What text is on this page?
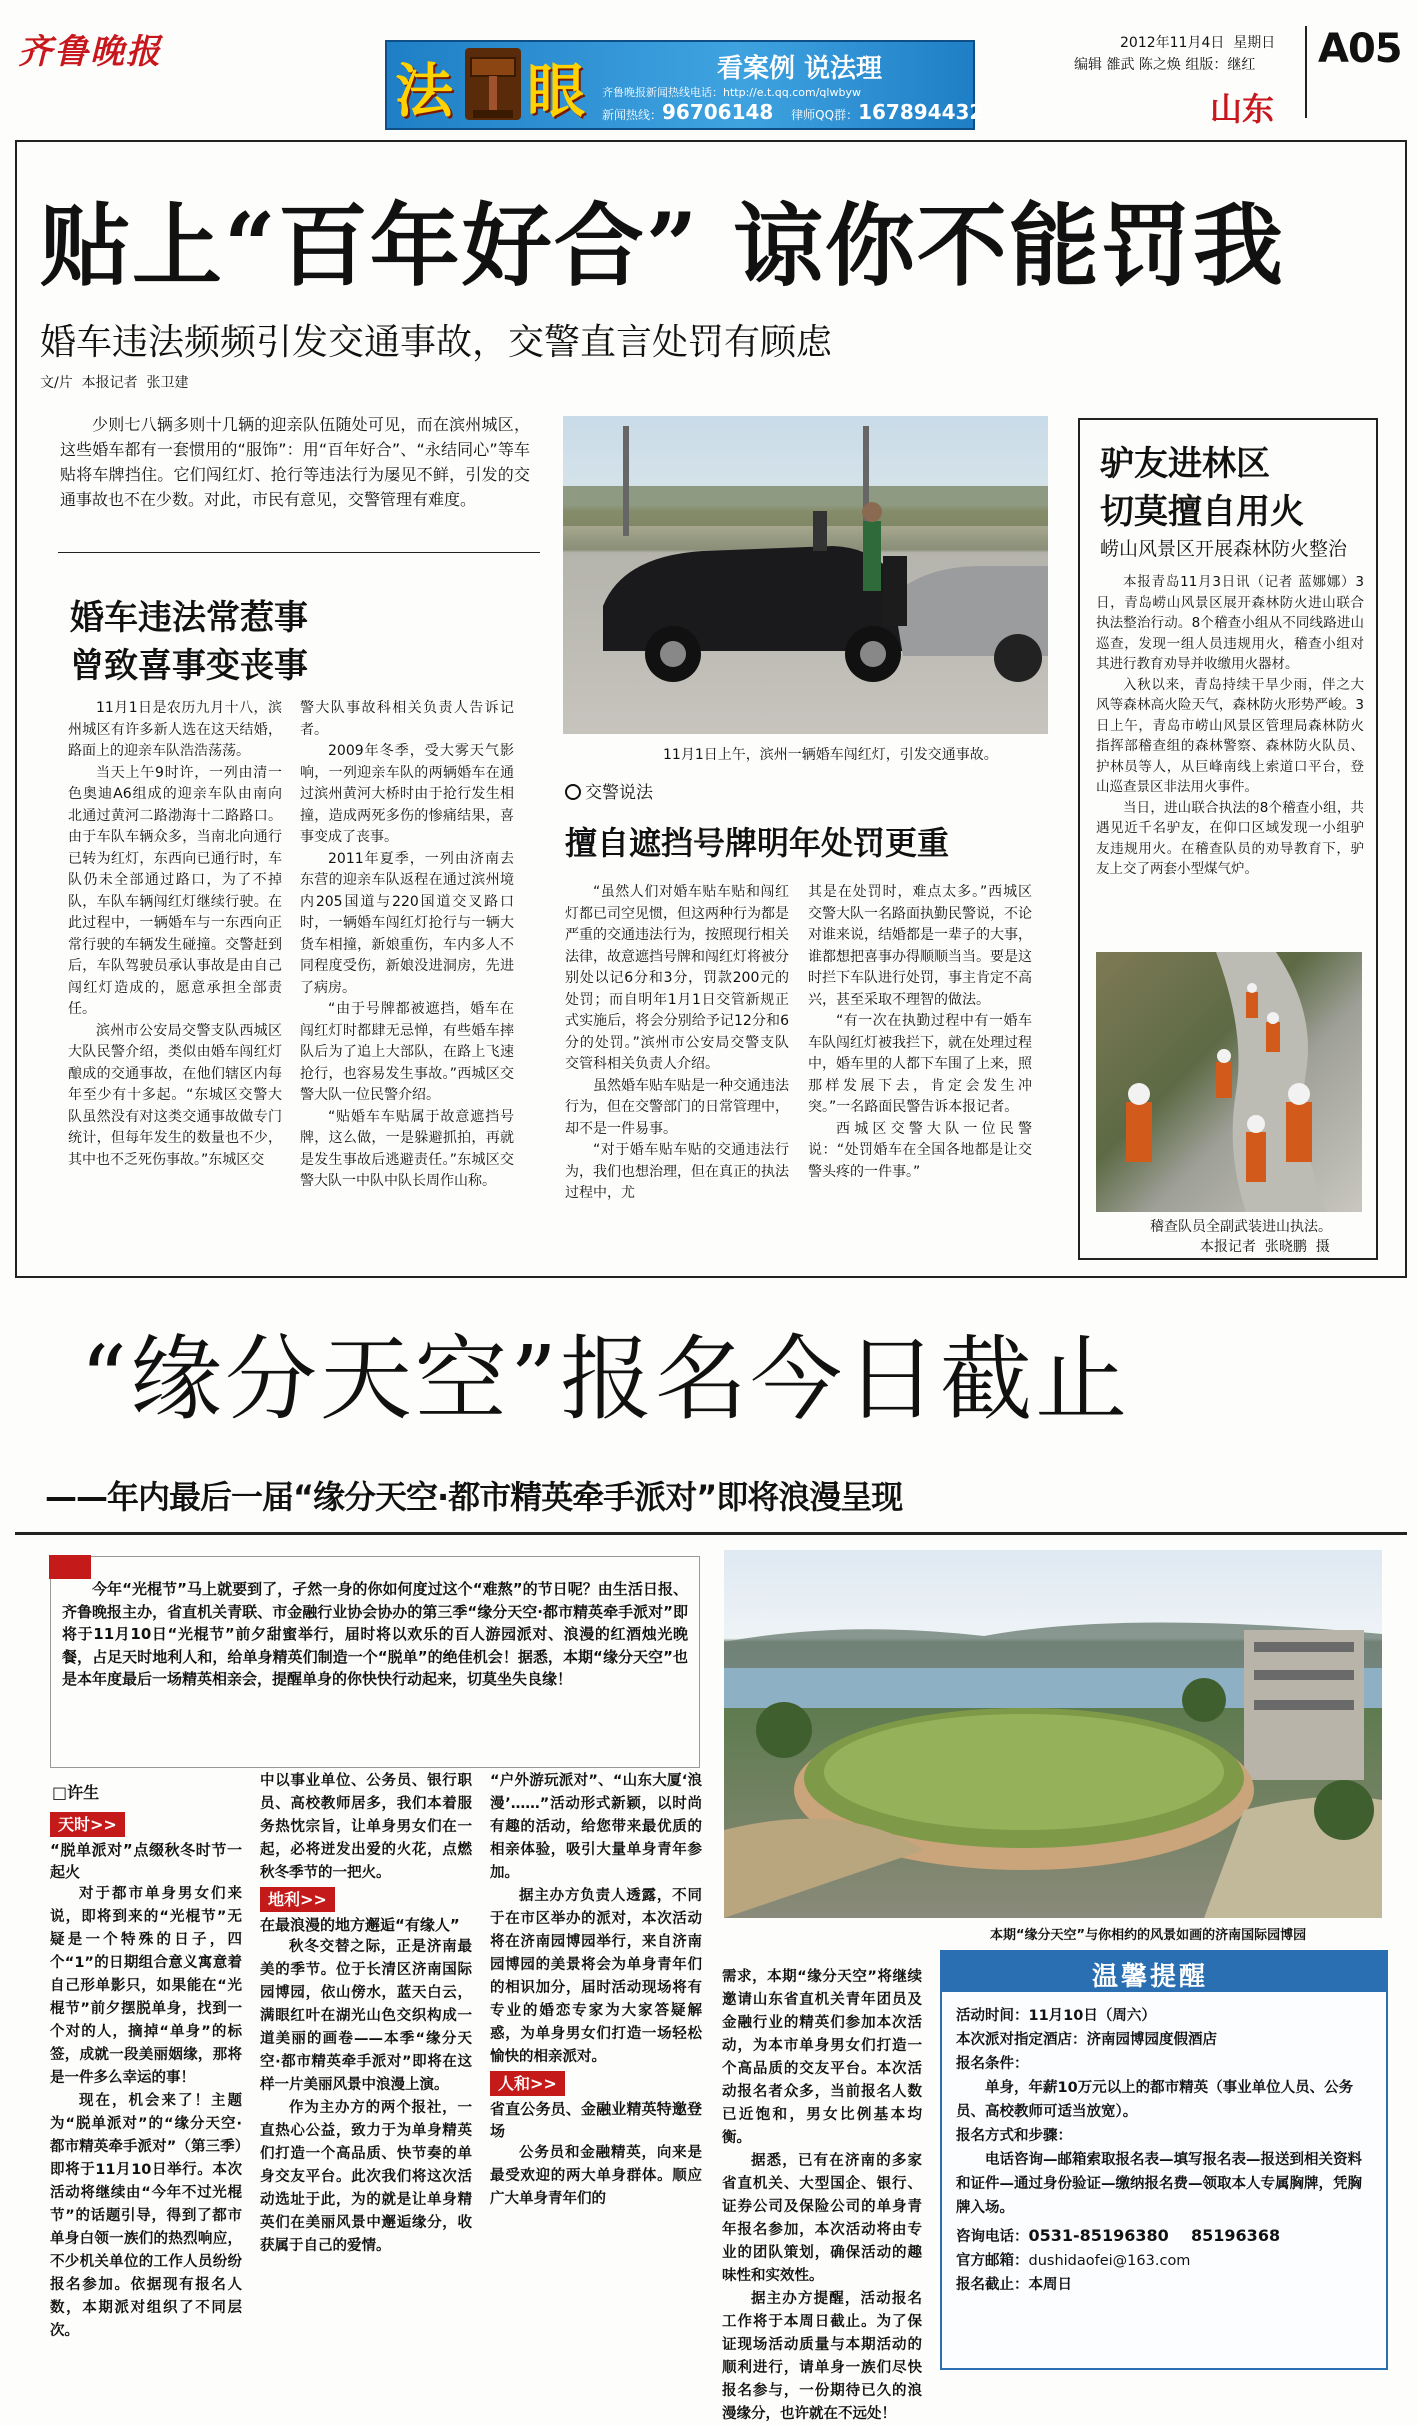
齐鲁晚报
法 眼	看案例 说法理
齐鲁晚报新闻热线电话：http://e.t.qq.com/qlwbyw
新闻热线：96706148 律师QQ群：167894432
2012年11月4日 星期日
编辑 雒武 陈之焕 组版：继红 A05
山东
贴上“百年好合” 谅你不能罚我
婚车违法频频引发交通事故，交警直言处罚有顾虑
文/片  本报记者  张卫建

少则七八辆多则十几辆的迎亲队伍随处可见，而在滨州城区，这些婚车都有一套惯用的“服饰”：用“百年好合”、“永结同心”等车贴将车牌挡住。它们闯红灯、抢行等违法行为屡见不鲜，引发的交通事故也不在少数。对此，市民有意见，交警管理有难度。

婚车违法常惹事
曾致喜事变丧事

11月1日是农历九月十八，滨州城区有许多新人选在这天结婚，路面上的迎亲车队浩浩荡荡。

当天上午9时许，一列由清一色奥迪A6组成的迎亲车队由南向北通过黄河二路渤海十二路路口。由于车队车辆众多，当南北向通行已转为红灯，东西向已通行时，车队仍未全部通过路口，为了不掉队，车队车辆闯红灯继续行驶。在此过程中，一辆婚车与一东西向正常行驶的车辆发生碰撞。交警赶到后，车队驾驶员承认事故是由自己闯红灯造成的，愿意承担全部责任。

滨州市公安局交警支队西城区大队民警介绍，类似由婚车闯红灯酿成的交通事故，在他们辖区内每年至少有十多起。“东城区交警大队虽然没有对这类交通事故做专门统计，但每年发生的数量也不少，其中也不乏死伤事故。”东城区交

警大队事故科相关负责人告诉记者。

2009年冬季，受大雾天气影响，一列迎亲车队的两辆婚车在通过滨州黄河大桥时由于抢行发生相撞，造成两死多伤的惨痛结果，喜事变成了丧事。

2011年夏季，一列由济南去东营的迎亲车队返程在通过滨州境内205国道与220国道交叉路口时，一辆婚车闯红灯抢行与一辆大货车相撞，新娘重伤，车内多人不同程度受伤，新娘没进洞房，先进了病房。

“由于号牌都被遮挡，婚车在闯红灯时都肆无忌惮，有些婚车摔队后为了追上大部队，在路上飞速抢行，也容易发生事故。”西城区交警大队一位民警介绍。

“贴婚车车贴属于故意遮挡号牌，这么做，一是躲避抓拍，再就是发生事故后逃避责任。”东城区交警大队一中队中队长周作山称。

11月1日上午，滨州一辆婚车闯红灯，引发交通事故。
交警说法
擅自遮挡号牌明年处罚更重

“虽然人们对婚车贴车贴和闯红灯都已司空见惯，但这两种行为都是严重的交通违法行为，按照现行相关法律，故意遮挡号牌和闯红灯将被分别处以记6分和3分，罚款200元的处罚；而自明年1月1日交管新规正式实施后，将会分别给予记12分和6分的处罚。”滨州市公安局交警支队交管科相关负责人介绍。

虽然婚车贴车贴是一种交通违法行为，但在交警部门的日常管理中，却不是一件易事。

“对于婚车贴车贴的交通违法行为，我们也想治理，但在真正的执法过程中，尤

其是在处罚时，难点太多。”西城区交警大队一名路面执勤民警说，不论对谁来说，结婚都是一辈子的大事，谁都想把喜事办得顺顺当当。要是这时拦下车队进行处罚，事主肯定不高兴，甚至采取不理智的做法。

“有一次在执勤过程中有一婚车车队闯红灯被我拦下，就在处理过程中，婚车里的人都下车围了上来，照那样发展下去，肯定会发生冲突。”一名路面民警告诉本报记者。

西城区交警大队一位民警说：“处罚婚车在全国各地都是让交警头疼的一件事。”

驴友进林区
切莫擅自用火
崂山风景区开展森林防火整治

本报青岛11月3日讯（记者 蓝娜娜）3日，青岛崂山风景区展开森林防火进山联合执法整治行动。8个稽查小组从不同线路进山巡查，发现一组人员违规用火，稽查小组对其进行教育劝导并收缴用火器材。

入秋以来，青岛持续干旱少雨，伴之大风等森林高火险天气，森林防火形势严峻。3日上午，青岛市崂山风景区管理局森林防火指挥部稽查组的森林警察、森林防火队员、护林员等人，从巨峰南线上索道口平台，登山巡查景区非法用火事件。

当日，进山联合执法的8个稽查小组，共遇见近千名驴友，在仰口区域发现一小组驴友违规用火。在稽查队员的劝导教育下，驴友上交了两套小型煤气炉。

稽查队员全副武装进山执法。
本报记者  张晓鹏  摄
“缘分天空”报名今日截止
——年内最后一届“缘分天空·都市精英牵手派对”即将浪漫呈现

今年“光棍节”马上就要到了，孑然一身的你如何度过这个“难熬”的节日呢？由生活日报、齐鲁晚报主办，省直机关青联、市金融行业协会协办的第三季“缘分天空·都市精英牵手派对”即将于11月10日“光棍节”前夕甜蜜举行，届时将以欢乐的百人游园派对、浪漫的红酒烛光晚餐，占足天时地利人和，给单身精英们制造一个“脱单”的绝佳机会！据悉，本期“缘分天空”也是本年度最后一场精英相亲会，提醒单身的你快快行动起来，切莫坐失良缘！

本期“缘分天空”与你相约的风景如画的济南国际园博园
□许生
天时>>
“脱单派对”点缀秋冬时节一起火

对于都市单身男女们来说，即将到来的“光棍节”无疑是一个特殊的日子，四个“1”的日期组合意义寓意着自己形单影只，如果能在“光棍节”前夕摆脱单身，找到一个对的人，摘掉“单身”的标签，成就一段美丽姻缘，那将是一件多么幸运的事！

现在，机会来了！主题为“脱单派对”的“缘分天空·都市精英牵手派对”（第三季）即将于11月10日举行。本次活动将继续由“今年不过光棍节”的话题引导，得到了都市单身白领一族们的热烈响应，不少机关单位的工作人员纷纷报名参加。依据现有报名人数，本期派对组织了不同层次。

中以事业单位、公务员、银行职员、高校教师居多，我们本着服务热忱宗旨，让单身男女们在一起，必将迸发出爱的火花，点燃秋冬季节的一把火。

地利>>
在最浪漫的地方邂逅“有缘人”

秋冬交替之际，正是济南最美的季节。位于长清区济南国际园博园，依山傍水，蓝天白云，满眼红叶在湖光山色交织构成一道美丽的画卷——本季“缘分天空·都市精英牵手派对”即将在这样一片美丽风景中浪漫上演。

作为主办方的两个报社，一直热心公益，致力于为单身精英们打造一个高品质、快节奏的单身交友平台。此次我们将这次活动选址于此，为的就是让单身精英们在美丽风景中邂逅缘分，收获属于自己的爱情。

“户外游玩派对”、“山东大厦‘浪漫’……”活动形式新颖，以时尚有趣的活动，给您带来最优质的相亲体验，吸引大量单身青年参加。

据主办方负责人透露，不同于在市区举办的派对，本次活动将在济南园博园举行，来自济南园博园的美景将会为单身青年们的相识加分，届时活动现场将有专业的婚恋专家为大家答疑解惑，为单身男女们打造一场轻松愉快的相亲派对。

人和>>
省直公务员、金融业精英特邀登场

公务员和金融精英，向来是最受欢迎的两大单身群体。顺应广大单身青年们的

需求，本期“缘分天空”将继续邀请山东省直机关青年团员及金融行业的精英们参加本次活动，为本市单身男女们打造一个高品质的交友平台。本次活动报名者众多，当前报名人数已近饱和，男女比例基本均衡。

据悉，已有在济南的多家省直机关、大型国企、银行、证券公司及保险公司的单身青年报名参加，本次活动将由专业的团队策划，确保活动的趣味性和实效性。

据主办方提醒，活动报名工作将于本周日截止。为了保证现场活动质量与本期活动的顺利进行，请单身一族们尽快报名参与，一份期待已久的浪漫缘分，也许就在不远处！

温馨提醒
活动时间：11月10日（周六）
本次派对指定酒店：济南园博园度假酒店
报名条件：
单身，年薪10万元以上的都市精英（事业单位人员、公务员、高校教师可适当放宽）。
报名方式和步骤：
电话咨询—邮箱索取报名表—填写报名表—报送到相关资料和证件—通过身份验证—缴纳报名费—领取本人专属胸牌，凭胸牌入场。
咨询电话：0531-85196380    85196368
官方邮箱：dushidaofei@163.com
报名截止：本周日
